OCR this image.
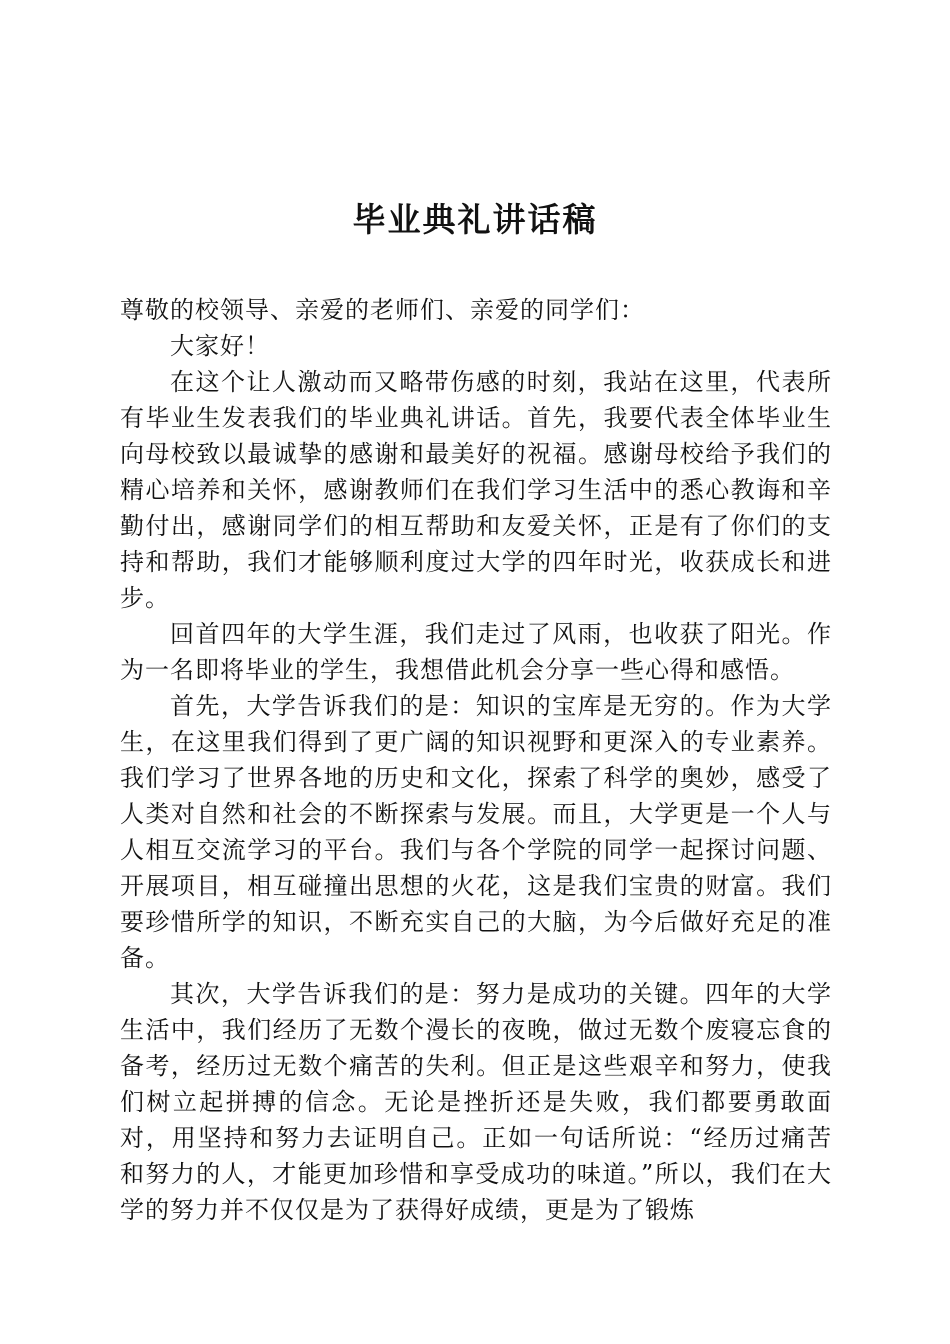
毕业典礼讲话稿

尊敬的校领导、亲爱的老师们、亲爱的同学们：

大家好！

在这个让人激动而又略带伤感的时刻，我站在这里，代表所有毕业生发表我们的毕业典礼讲话。首先，我要代表全体毕业生向母校致以最诚挚的感谢和最美好的祝福。感谢母校给予我们的精心培养和关怀，感谢教师们在我们学习生活中的悉心教诲和辛勤付出，感谢同学们的相互帮助和友爱关怀，正是有了你们的支持和帮助，我们才能够顺利度过大学的四年时光，收获成长和进步。

回首四年的大学生涯，我们走过了风雨，也收获了阳光。作为一名即将毕业的学生，我想借此机会分享一些心得和感悟。

首先，大学告诉我们的是：知识的宝库是无穷的。作为大学生，在这里我们得到了更广阔的知识视野和更深入的专业素养。我们学习了世界各地的历史和文化，探索了科学的奥妙，感受了人类对自然和社会的不断探索与发展。而且，大学更是一个人与人相互交流学习的平台。我们与各个学院的同学一起探讨问题、开展项目，相互碰撞出思想的火花，这是我们宝贵的财富。我们要珍惜所学的知识，不断充实自己的大脑，为今后做好充足的准备。

其次，大学告诉我们的是：努力是成功的关键。四年的大学生活中，我们经历了无数个漫长的夜晚，做过无数个废寝忘食的备考，经历过无数个痛苦的失利。但正是这些艰辛和努力，使我们树立起拼搏的信念。无论是挫折还是失败，我们都要勇敢面对，用坚持和努力去证明自己。正如一句话所说：“经历过痛苦和努力的人，才能更加珍惜和享受成功的味道。”所以，我们在大学的努力并不仅仅是为了获得好成绩，更是为了锻炼
